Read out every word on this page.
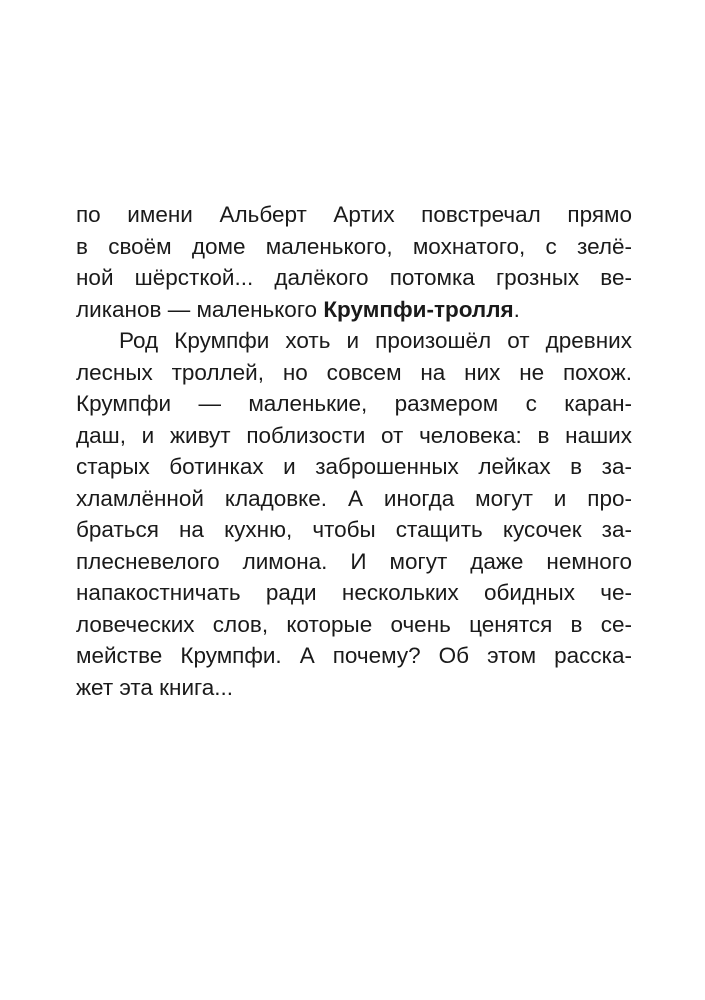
по имени Альберт Артих повстречал прямо
в своём доме маленького, мохнатого, с зелё-
ной шёрсткой... далёкого потомка грозных ве-
ликанов — маленького Крумпфи-тролля.
Род Крумпфи хоть и произошёл от древних
лесных троллей, но совсем на них не похож.
Крумпфи — маленькие, размером с каран-
даш, и живут поблизости от человека: в наших
старых ботинках и заброшенных лейках в за-
хламлённой кладовке. А иногда могут и про-
браться на кухню, чтобы стащить кусочек за-
плесневелого лимона. И могут даже немного
напакостничать ради нескольких обидных че-
ловеческих слов, которые очень ценятся в се-
мействе Крумпфи. А почему? Об этом расска-
жет эта книга...
